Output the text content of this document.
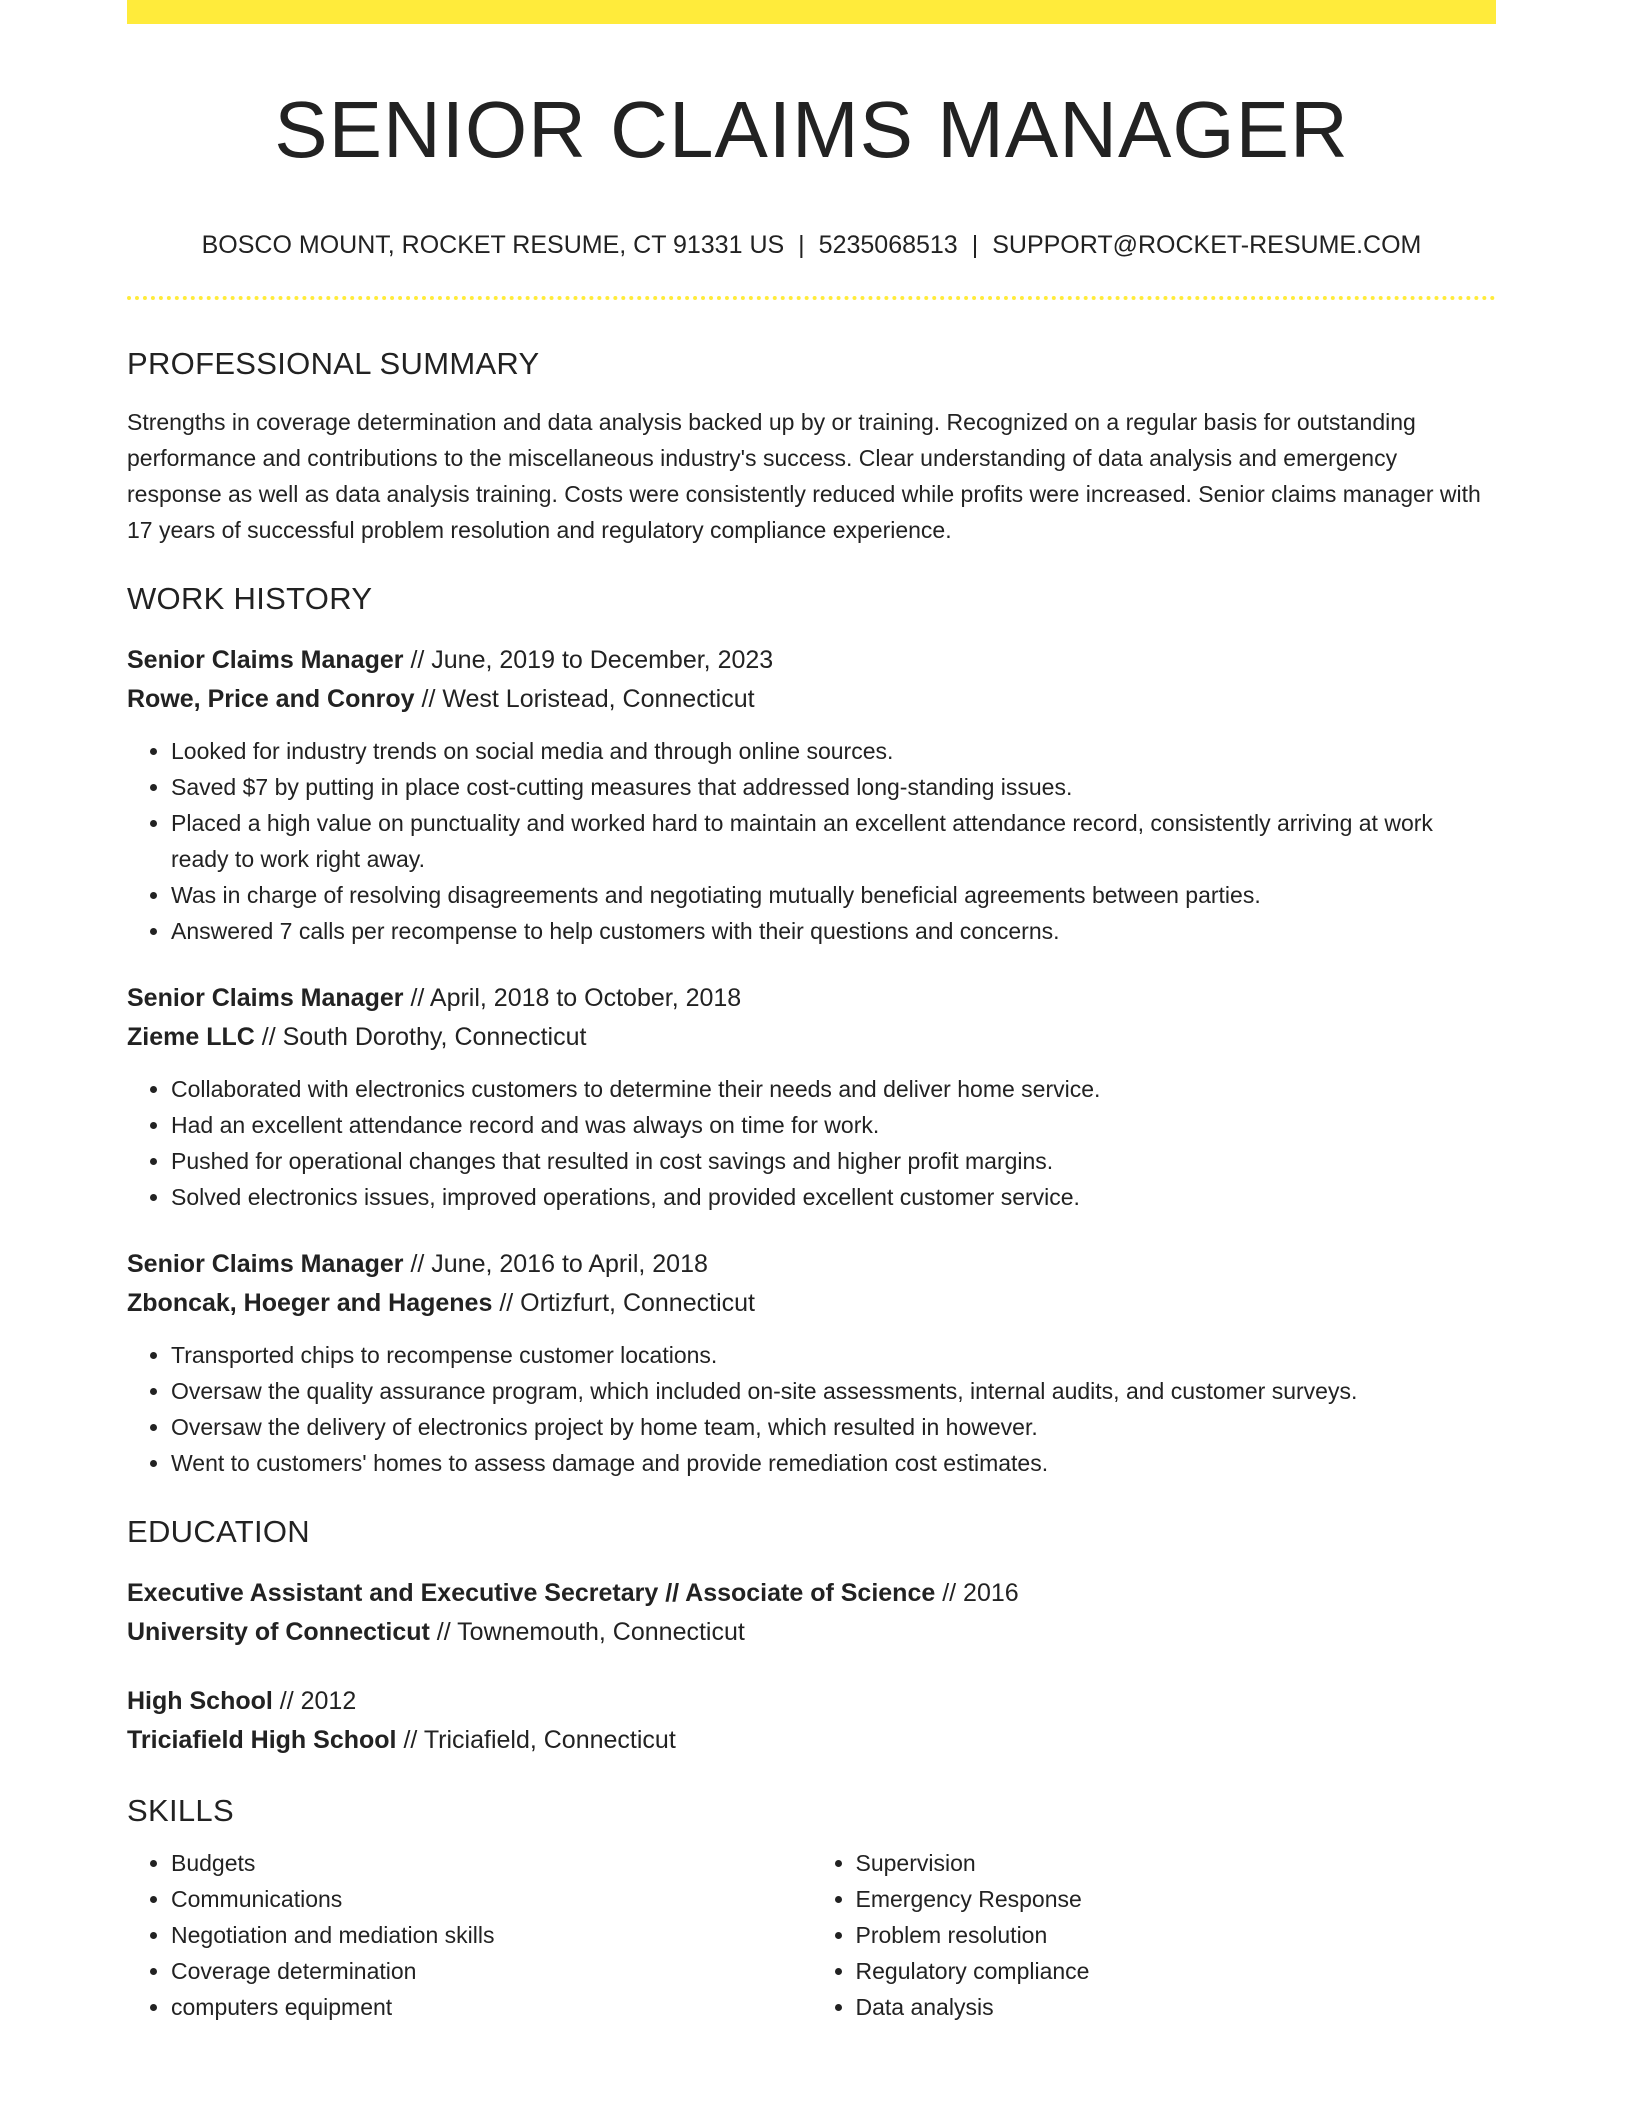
SENIOR CLAIMS MANAGER
BOSCO MOUNT, ROCKET RESUME, CT 91331 US | 5235068513 | SUPPORT@ROCKET-RESUME.COM
PROFESSIONAL SUMMARY

Strengths in coverage determination and data analysis backed up by or training. Recognized on a regular basis for outstanding performance and contributions to the miscellaneous industry's success. Clear understanding of data analysis and emergency response as well as data analysis training. Costs were consistently reduced while profits were increased. Senior claims manager with 17 years of successful problem resolution and regulatory compliance experience.

WORK HISTORY
Senior Claims Manager // June, 2019 to December, 2023
Rowe, Price and Conroy // West Loristead, Connecticut
• Looked for industry trends on social media and through online sources.
• Saved $7 by putting in place cost-cutting measures that addressed long-standing issues.
• Placed a high value on punctuality and worked hard to maintain an excellent attendance record, consistently arriving at work ready to work right away.
• Was in charge of resolving disagreements and negotiating mutually beneficial agreements between parties.
• Answered 7 calls per recompense to help customers with their questions and concerns.
Senior Claims Manager // April, 2018 to October, 2018
Zieme LLC // South Dorothy, Connecticut
• Collaborated with electronics customers to determine their needs and deliver home service.
• Had an excellent attendance record and was always on time for work.
• Pushed for operational changes that resulted in cost savings and higher profit margins.
• Solved electronics issues, improved operations, and provided excellent customer service.
Senior Claims Manager // June, 2016 to April, 2018
Zboncak, Hoeger and Hagenes // Ortizfurt, Connecticut
• Transported chips to recompense customer locations.
• Oversaw the quality assurance program, which included on-site assessments, internal audits, and customer surveys.
• Oversaw the delivery of electronics project by home team, which resulted in however.
• Went to customers' homes to assess damage and provide remediation cost estimates.
EDUCATION
Executive Assistant and Executive Secretary // Associate of Science // 2016
University of Connecticut // Townemouth, Connecticut
High School // 2012
Triciafield High School // Triciafield, Connecticut
SKILLS
• Budgets
• Communications
• Negotiation and mediation skills
• Coverage determination
• computers equipment
• Supervision
• Emergency Response
• Problem resolution
• Regulatory compliance
• Data analysis
